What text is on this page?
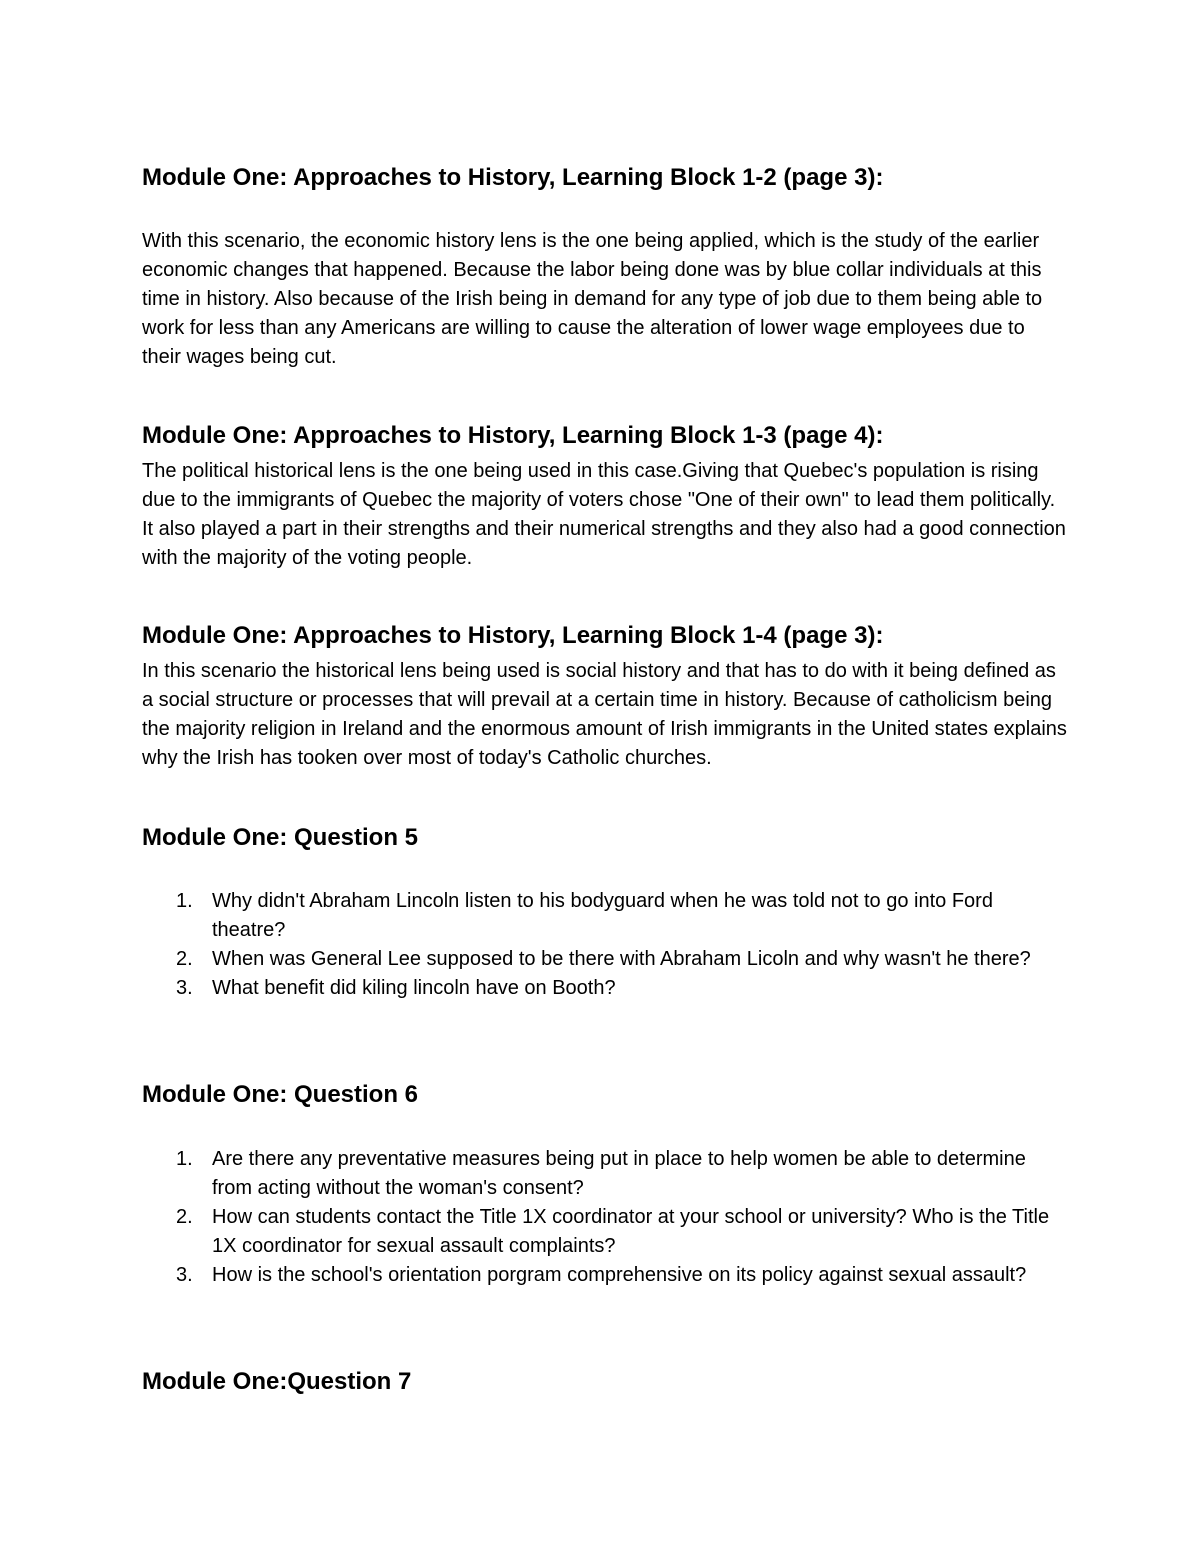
Module One: Approaches to History, Learning Block 1-2 (page 3):

With this scenario, the economic history lens is the one being applied, which is the study of the earlier economic changes that happened. Because the labor being done was by blue collar individuals at this time in history. Also because of the Irish being in demand for any type of job due to them being able to work for less than any Americans are willing to cause the alteration of lower wage employees due to their wages being cut.

Module One: Approaches to History, Learning Block 1-3 (page 4):

The political historical lens is the one being used in this case.Giving that Quebec's population is rising due to the immigrants of Quebec the majority of voters chose "One of their own" to lead them politically. It also played a part in their strengths and their numerical strengths and they also had a good connection with the majority of the voting people.

Module One: Approaches to History, Learning Block 1-4 (page 3):

In this scenario the historical lens being used is social history and that has to do with it being defined as a social structure or processes that will prevail at a certain time in history. Because of catholicism being the majority religion in Ireland and the enormous amount of Irish immigrants in the United states explains why the Irish has tooken over most of today's Catholic churches.

Module One: Question 5
1. Why didn't Abraham Lincoln listen to his bodyguard when he was told not to go into Ford theatre?
2. When was General Lee supposed to be there with Abraham Licoln and why wasn't he there?
3. What benefit did kiling lincoln have on Booth?
Module One: Question 6
1. Are there any preventative measures being put in place to help women be able to determine from acting without the woman's consent?
2. How can students contact the Title 1X coordinator at your school or university? Who is the Title 1X coordinator for sexual assault complaints?
3. How is the school's orientation porgram comprehensive on its policy against sexual assault?
Module One:Question 7
